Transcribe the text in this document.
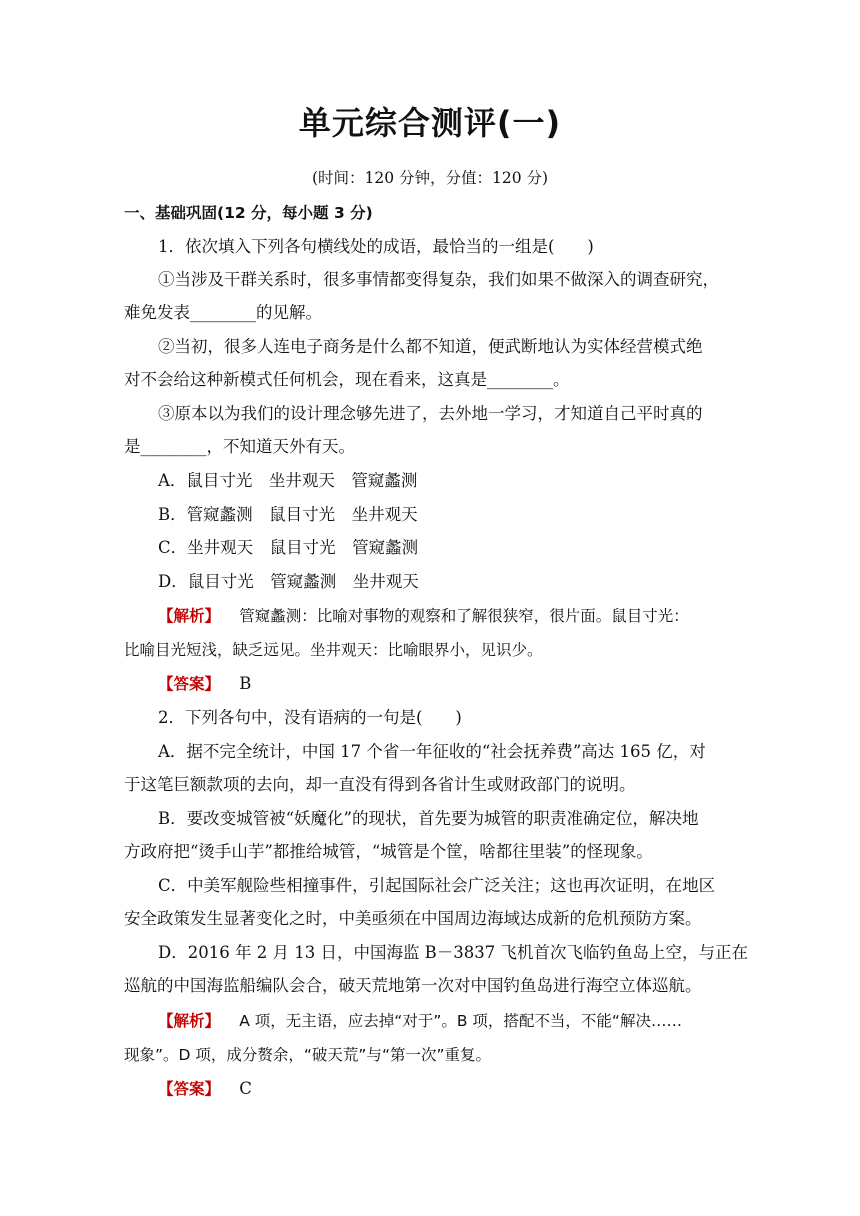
单元综合测评(一)
(时间：120 分钟，分值：120 分)
一、基础巩固(12 分，每小题 3 分)
1．依次填入下列各句横线处的成语，最恰当的一组是(　　)
①当涉及干群关系时，很多事情都变得复杂，我们如果不做深入的调查研究，
难免发表________的见解。
②当初，很多人连电子商务是什么都不知道，便武断地认为实体经营模式绝
对不会给这种新模式任何机会，现在看来，这真是________。
③原本以为我们的设计理念够先进了，去外地一学习，才知道自己平时真的
是________，不知道天外有天。
A．鼠目寸光　坐井观天　管窥蠡测
B．管窥蠡测　鼠目寸光　坐井观天
C．坐井观天　鼠目寸光　管窥蠡测
D．鼠目寸光　管窥蠡测　坐井观天
【解析】 管窥蠡测：比喻对事物的观察和了解很狭窄，很片面。鼠目寸光：
比喻目光短浅，缺乏远见。坐井观天：比喻眼界小，见识少。
【答案】 B
2．下列各句中，没有语病的一句是(　　)
A．据不完全统计，中国 17 个省一年征收的“社会抚养费”高达 165 亿，对
于这笔巨额款项的去向，却一直没有得到各省计生或财政部门的说明。
B．要改变城管被“妖魔化”的现状，首先要为城管的职责准确定位，解决地
方政府把“烫手山芋”都推给城管，“城管是个筐，啥都往里装”的怪现象。
C．中美军舰险些相撞事件，引起国际社会广泛关注；这也再次证明，在地区
安全政策发生显著变化之时，中美亟须在中国周边海域达成新的危机预防方案。
D．2016 年 2 月 13 日，中国海监 B－3837 飞机首次飞临钓鱼岛上空，与正在
巡航的中国海监船编队会合，破天荒地第一次对中国钓鱼岛进行海空立体巡航。
【解析】 A 项，无主语，应去掉“对于”。B 项，搭配不当，不能“解决……
现象”。D 项，成分赘余，“破天荒”与“第一次”重复。
【答案】 C
